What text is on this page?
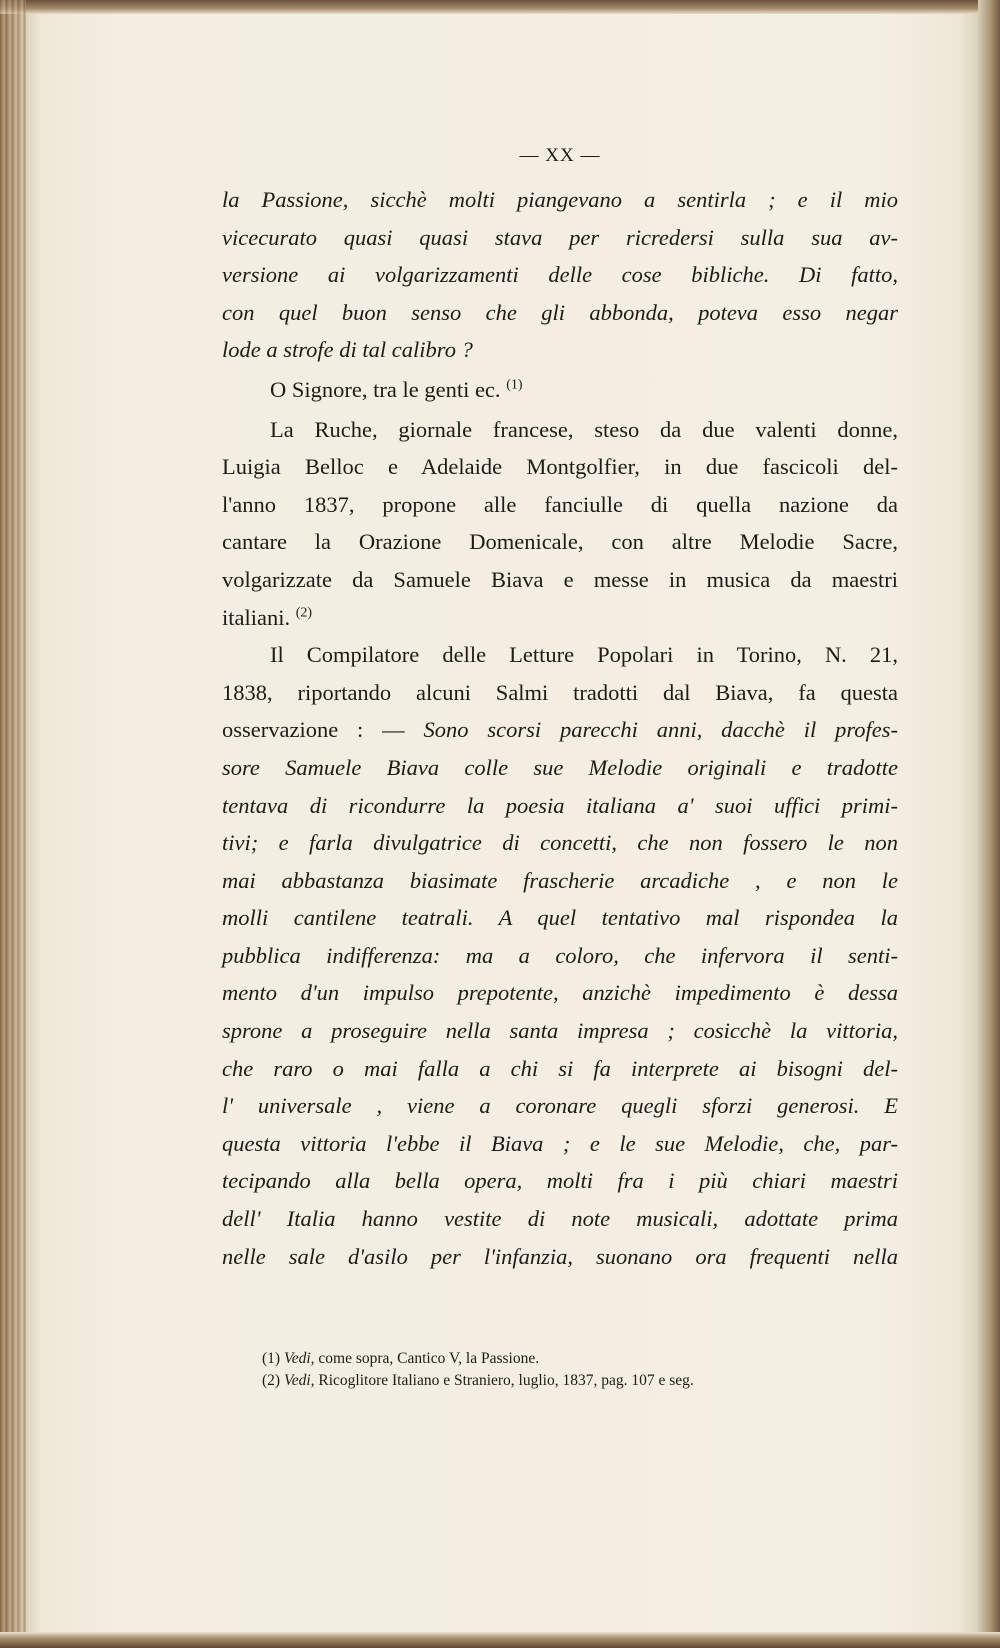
— XX —
la Passione, sicchè molti piangevano a sentirla ; e il mio
vicecurato quasi quasi stava per ricredersi sulla sua av-
versione ai volgarizzamenti delle cose bibliche. Di fatto,
con quel buon senso che gli abbonda, poteva esso negar
lode a strofe di tal calibro ?
O Signore, tra le genti ec. $^{(1)}$
La Ruche, giornale francese, steso da due valenti donne,
Luigia Belloc e Adelaide Montgolfier, in due fascicoli del-
l'anno 1837, propone alle fanciulle di quella nazione da
cantare la Orazione Domenicale, con altre Melodie Sacre,
volgarizzate da Samuele Biava e messe in musica da maestri
italiani. $^{(2)}$
Il Compilatore delle Letture Popolari in Torino, N. 21,
1838, riportando alcuni Salmi tradotti dal Biava, fa questa
osservazione : — Sono scorsi parecchi anni, dacchè il profes-
sore Samuele Biava colle sue Melodie originali e tradotte
tentava di ricondurre la poesia italiana a' suoi uffici primi-
tivi; e farla divulgatrice di concetti, che non fossero le non
mai abbastanza biasimate frascherie arcadiche , e non le
molli cantilene teatrali. A quel tentativo mal rispondea la
pubblica indifferenza: ma a coloro, che infervora il senti-
mento d'un impulso prepotente, anzichè impedimento è dessa
sprone a proseguire nella santa impresa ; cosicchè la vittoria,
che raro o mai falla a chi si fa interprete ai bisogni del-
l' universale , viene a coronare quegli sforzi generosi. E
questa vittoria l'ebbe il Biava ; e le sue Melodie, che, par-
tecipando alla bella opera, molti fra i più chiari maestri
dell' Italia hanno vestite di note musicali, adottate prima
nelle sale d'asilo per l'infanzia, suonano ora frequenti nella
(1) Vedi, come sopra, Cantico V, la Passione.
(2) Vedi, Ricoglitore Italiano e Straniero, luglio, 1837, pag. 107 e seg.
